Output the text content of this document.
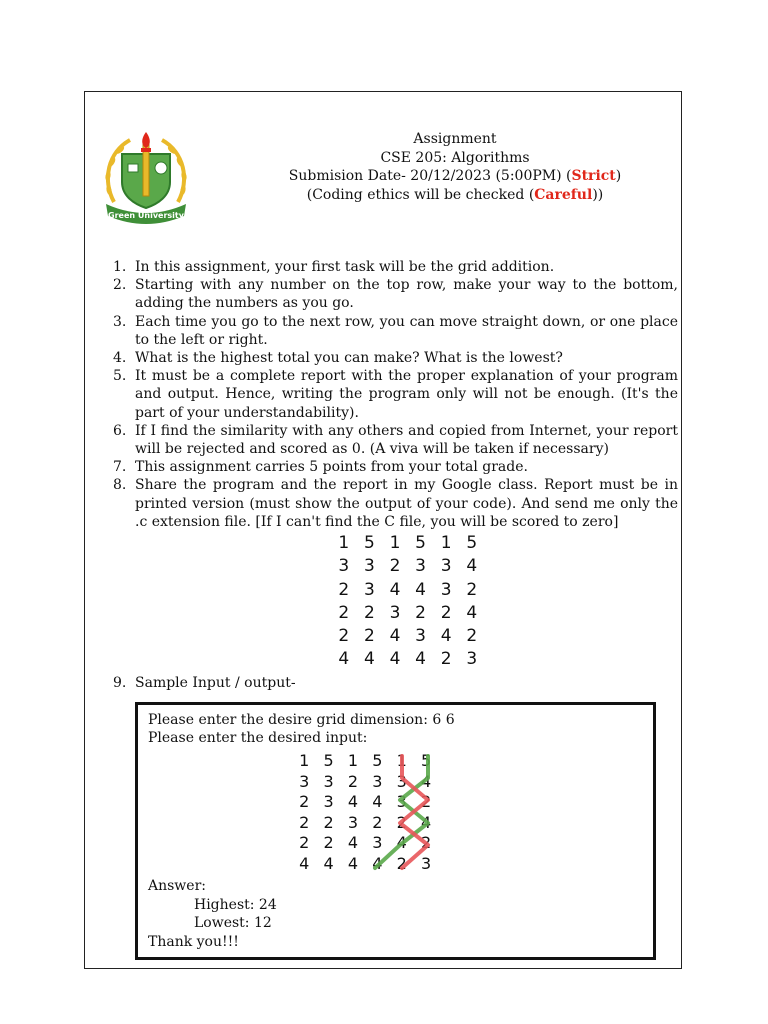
Green University
Assignment
CSE 205: Algorithms
Submision Date- 20/12/2023 (5:00PM) (Strict)
(Coding ethics will be checked (Careful))
1. In this assignment, your first task will be the grid addition.
2. Starting with any number on the top row, make your way to the bottom, adding the numbers as you go.
3. Each time you go to the next row, you can move straight down, or one place to the left or right.
4. What is the highest total you can make? What is the lowest?
5. It must be a complete report with the proper explanation of your program and output. Hence, writing the program only will not be enough. (It's the part of your understandability).
6. If I find the similarity with any others and copied from Internet, your report will be rejected and scored as 0. (A viva will be taken if necessary)
7. This assignment carries 5 points from your total grade.
8. Share the program and the report in my Google class. Report must be in printed version (must show the output of your code). And send me only the .c extension file. [If I can't find the C file, you will be scored to zero]
1 5 1 5 1 5
3 3 2 3 3 4
2 3 4 4 3 2
2 2 3 2 2 4
2 2 4 3 4 2
4 4 4 4 2 3
9. Sample Input / output-
Please enter the desire grid dimension: 6 6
Please enter the desired input:
1 5 1 5 1 5
3 3 2 3 3 4
2 3 4 4 3 2
2 2 3 2 2 4
2 2 4 3 4 2
4 4 4 4 2 3
Answer:
Highest: 24
Lowest: 12
Thank you!!!
